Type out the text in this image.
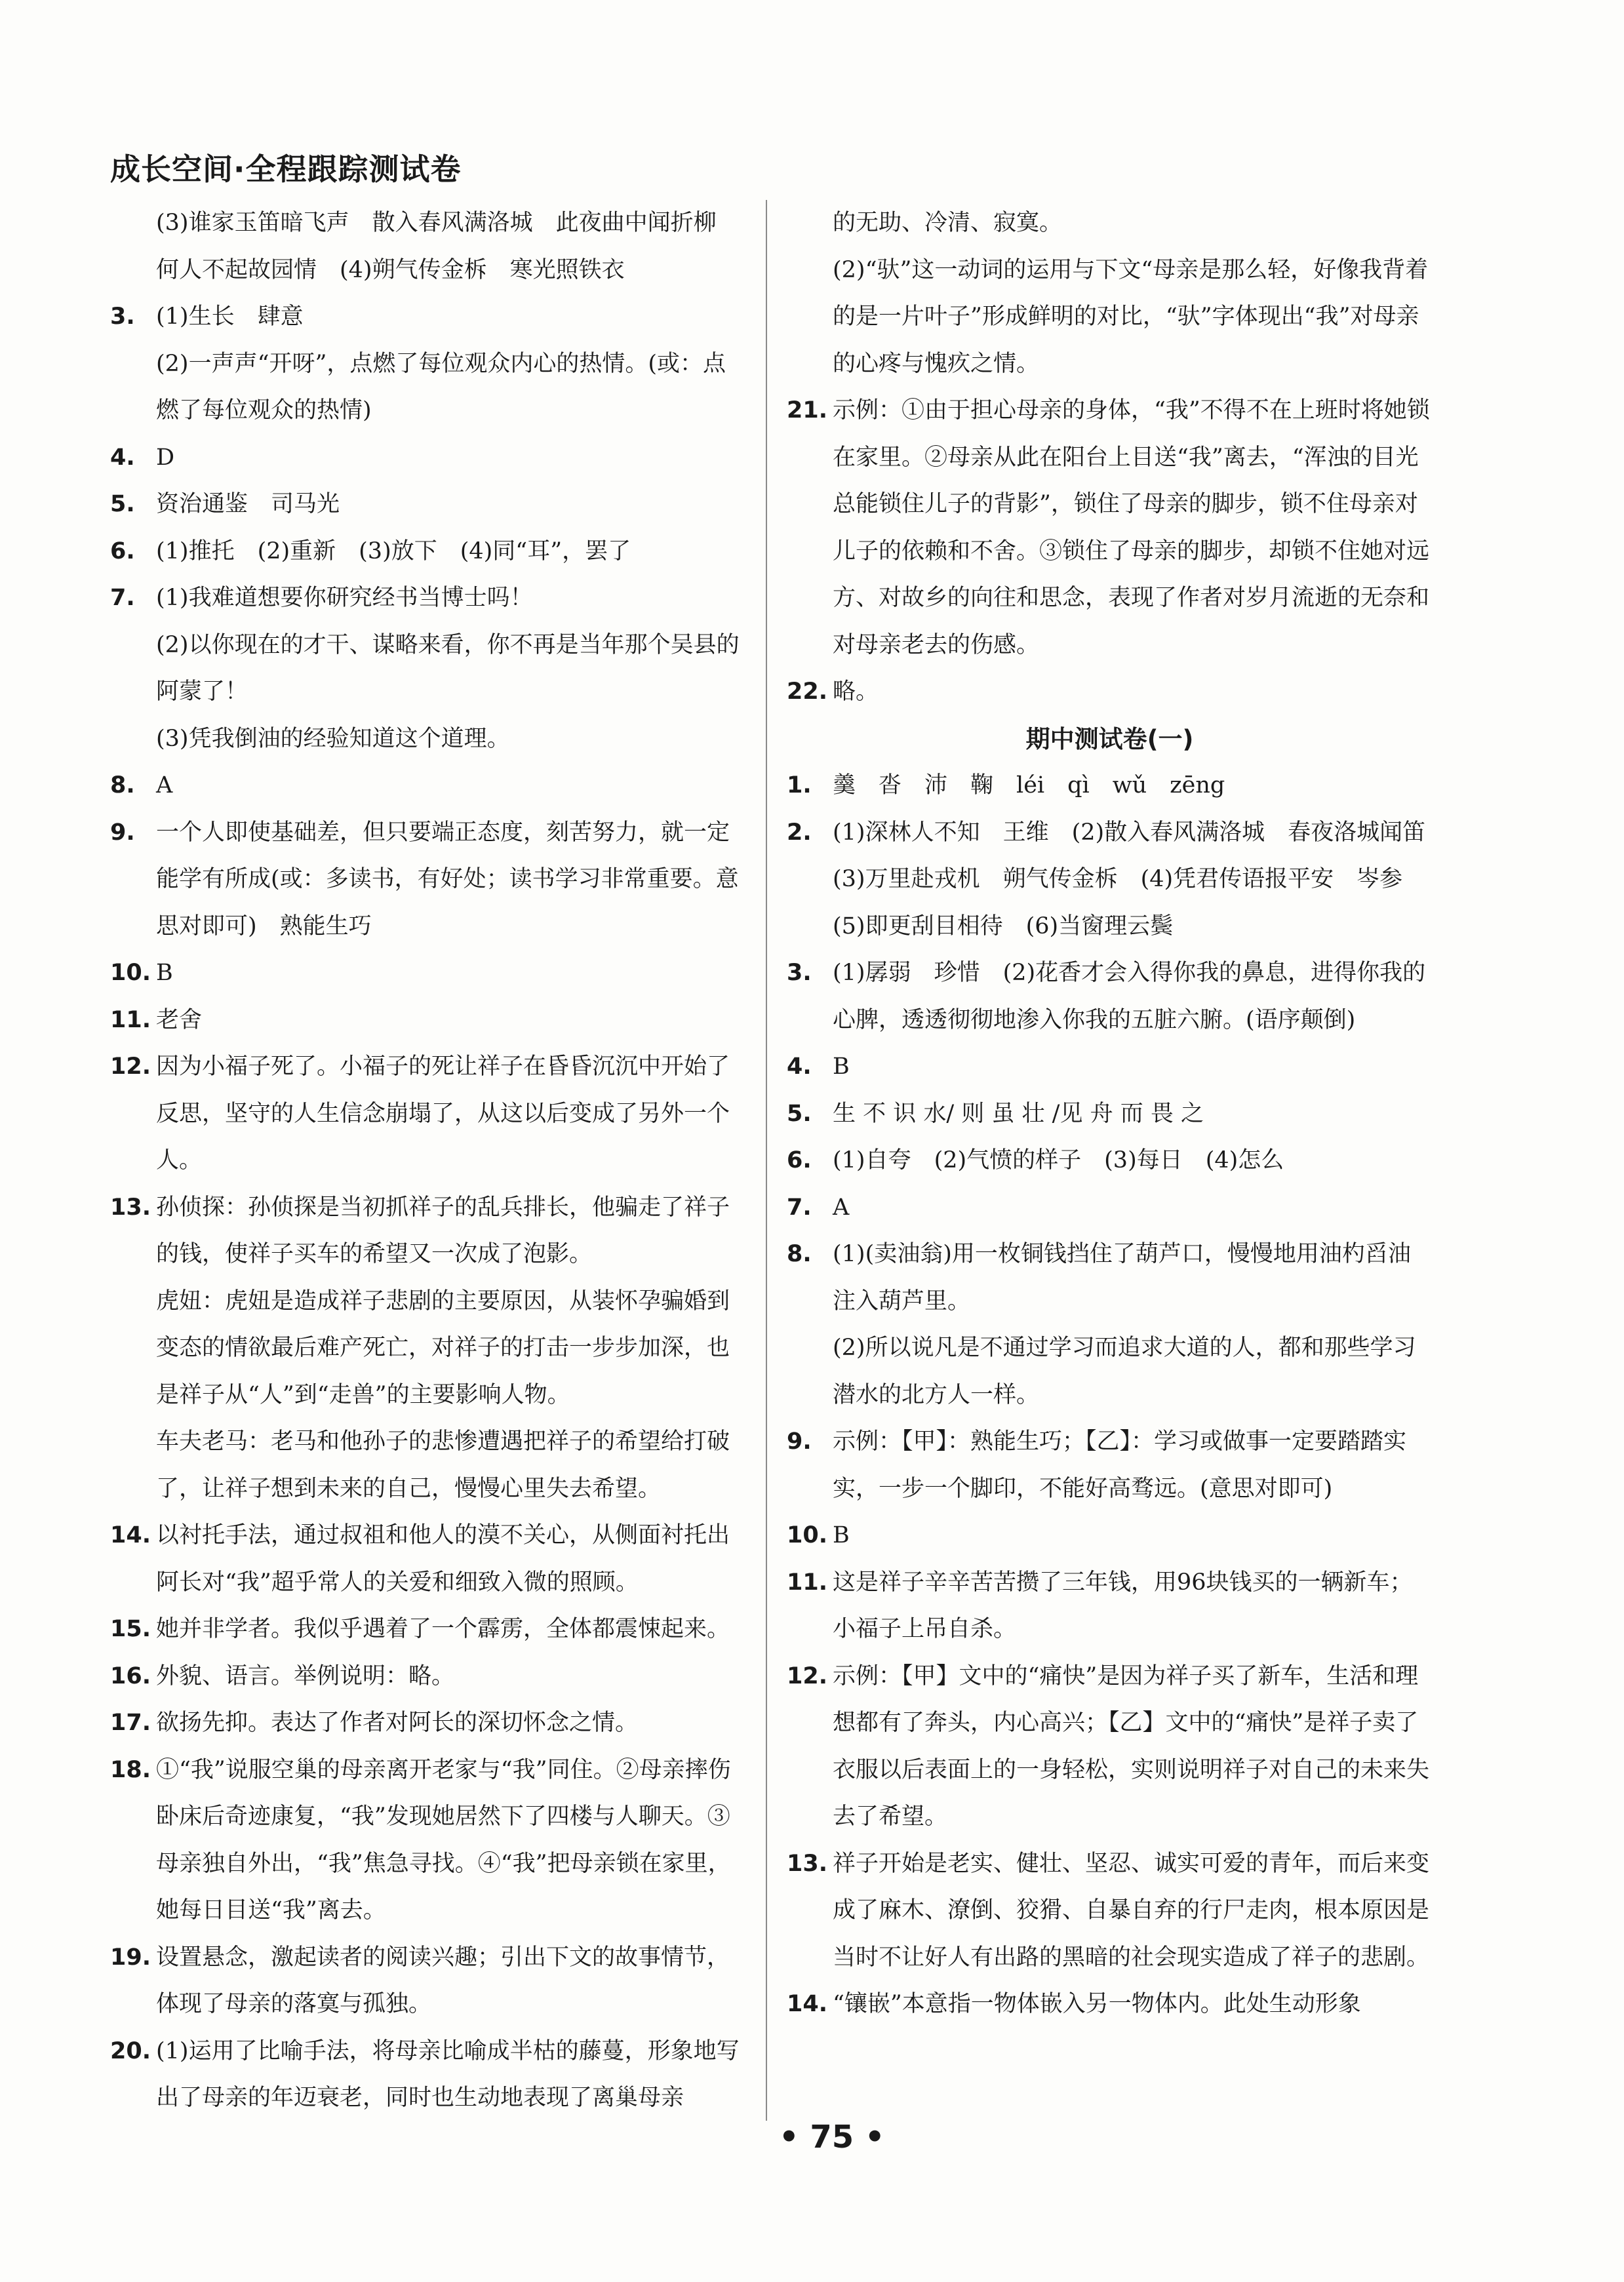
成长空间·全程跟踪测试卷

(3)谁家玉笛暗飞声　散入春风满洛城　此夜曲中闻折柳

何人不起故园情　(4)朔气传金柝　寒光照铁衣

3. (1)生长　肆意

(2)一声声“开呀”，点燃了每位观众内心的热情。(或：点燃了每位观众的热情)

4. D

5. 资治通鉴　司马光

6. (1)推托　(2)重新　(3)放下　(4)同“耳”，罢了

7. (1)我难道想要你研究经书当博士吗！

(2)以你现在的才干、谋略来看，你不再是当年那个吴县的阿蒙了！

(3)凭我倒油的经验知道这个道理。

8. A

9. 一个人即使基础差，但只要端正态度，刻苦努力，就一定能学有所成(或：多读书，有好处；读书学习非常重要。意思对即可)　熟能生巧

10. B

11. 老舍

12. 因为小福子死了。小福子的死让祥子在昏昏沉沉中开始了反思，坚守的人生信念崩塌了，从这以后变成了另外一个人。

13. 孙侦探：孙侦探是当初抓祥子的乱兵排长，他骗走了祥子的钱，使祥子买车的希望又一次成了泡影。

虎妞：虎妞是造成祥子悲剧的主要原因，从装怀孕骗婚到变态的情欲最后难产死亡，对祥子的打击一步步加深，也是祥子从“人”到“走兽”的主要影响人物。

车夫老马：老马和他孙子的悲惨遭遇把祥子的希望给打破了，让祥子想到未来的自己，慢慢心里失去希望。

14. 以衬托手法，通过叔祖和他人的漠不关心，从侧面衬托出阿长对“我”超乎常人的关爱和细致入微的照顾。

15. 她并非学者。我似乎遇着了一个霹雳，全体都震悚起来。

16. 外貌、语言。举例说明：略。

17. 欲扬先抑。表达了作者对阿长的深切怀念之情。

18. ①“我”说服空巢的母亲离开老家与“我”同住。②母亲摔伤卧床后奇迹康复，“我”发现她居然下了四楼与人聊天。③母亲独自外出，“我”焦急寻找。④“我”把母亲锁在家里，她每日目送“我”离去。

19. 设置悬念，激起读者的阅读兴趣；引出下文的故事情节，体现了母亲的落寞与孤独。

20. (1)运用了比喻手法，将母亲比喻成半枯的藤蔓，形象地写出了母亲的年迈衰老，同时也生动地表现了离巢母亲

的无助、冷清、寂寞。

(2)“驮”这一动词的运用与下文“母亲是那么轻，好像我背着的是一片叶子”形成鲜明的对比，“驮”字体现出“我”对母亲的心疼与愧疚之情。

21. 示例：①由于担心母亲的身体，“我”不得不在上班时将她锁在家里。②母亲从此在阳台上目送“我”离去，“浑浊的目光总能锁住儿子的背影”，锁住了母亲的脚步，锁不住母亲对儿子的依赖和不舍。③锁住了母亲的脚步，却锁不住她对远方、对故乡的向往和思念，表现了作者对岁月流逝的无奈和对母亲老去的伤感。

22. 略。

期中测试卷(一)
1. 羹　沓　沛　鞠　léi　qì　wǔ　zēng

2. (1)深林人不知　王维　(2)散入春风满洛城　春夜洛城闻笛　(3)万里赴戎机　朔气传金柝　(4)凭君传语报平安　岑参　(5)即更刮目相待　(6)当窗理云鬓

3. (1)孱弱　珍惜　(2)花香才会入得你我的鼻息，进得你我的心脾，透透彻彻地渗入你我的五脏六腑。(语序颠倒)

4. B

5. 生 不 识 水/ 则 虽 壮 /见 舟 而 畏 之

6. (1)自夸　(2)气愤的样子　(3)每日　(4)怎么

7. A

8. (1)(卖油翁)用一枚铜钱挡住了葫芦口，慢慢地用油杓舀油注入葫芦里。

(2)所以说凡是不通过学习而追求大道的人，都和那些学习潜水的北方人一样。

9. 示例：【甲】：熟能生巧；【乙】：学习或做事一定要踏踏实实，一步一个脚印，不能好高骛远。(意思对即可)

10. B

11. 这是祥子辛辛苦苦攒了三年钱，用96块钱买的一辆新车；小福子上吊自杀。

12. 示例：【甲】文中的“痛快”是因为祥子买了新车，生活和理想都有了奔头，内心高兴；【乙】文中的“痛快”是祥子卖了衣服以后表面上的一身轻松，实则说明祥子对自己的未来失去了希望。

13. 祥子开始是老实、健壮、坚忍、诚实可爱的青年，而后来变成了麻木、潦倒、狡猾、自暴自弃的行尸走肉，根本原因是当时不让好人有出路的黑暗的社会现实造成了祥子的悲剧。

14. “镶嵌”本意指一物体嵌入另一物体内。此处生动形象

• 75 •
